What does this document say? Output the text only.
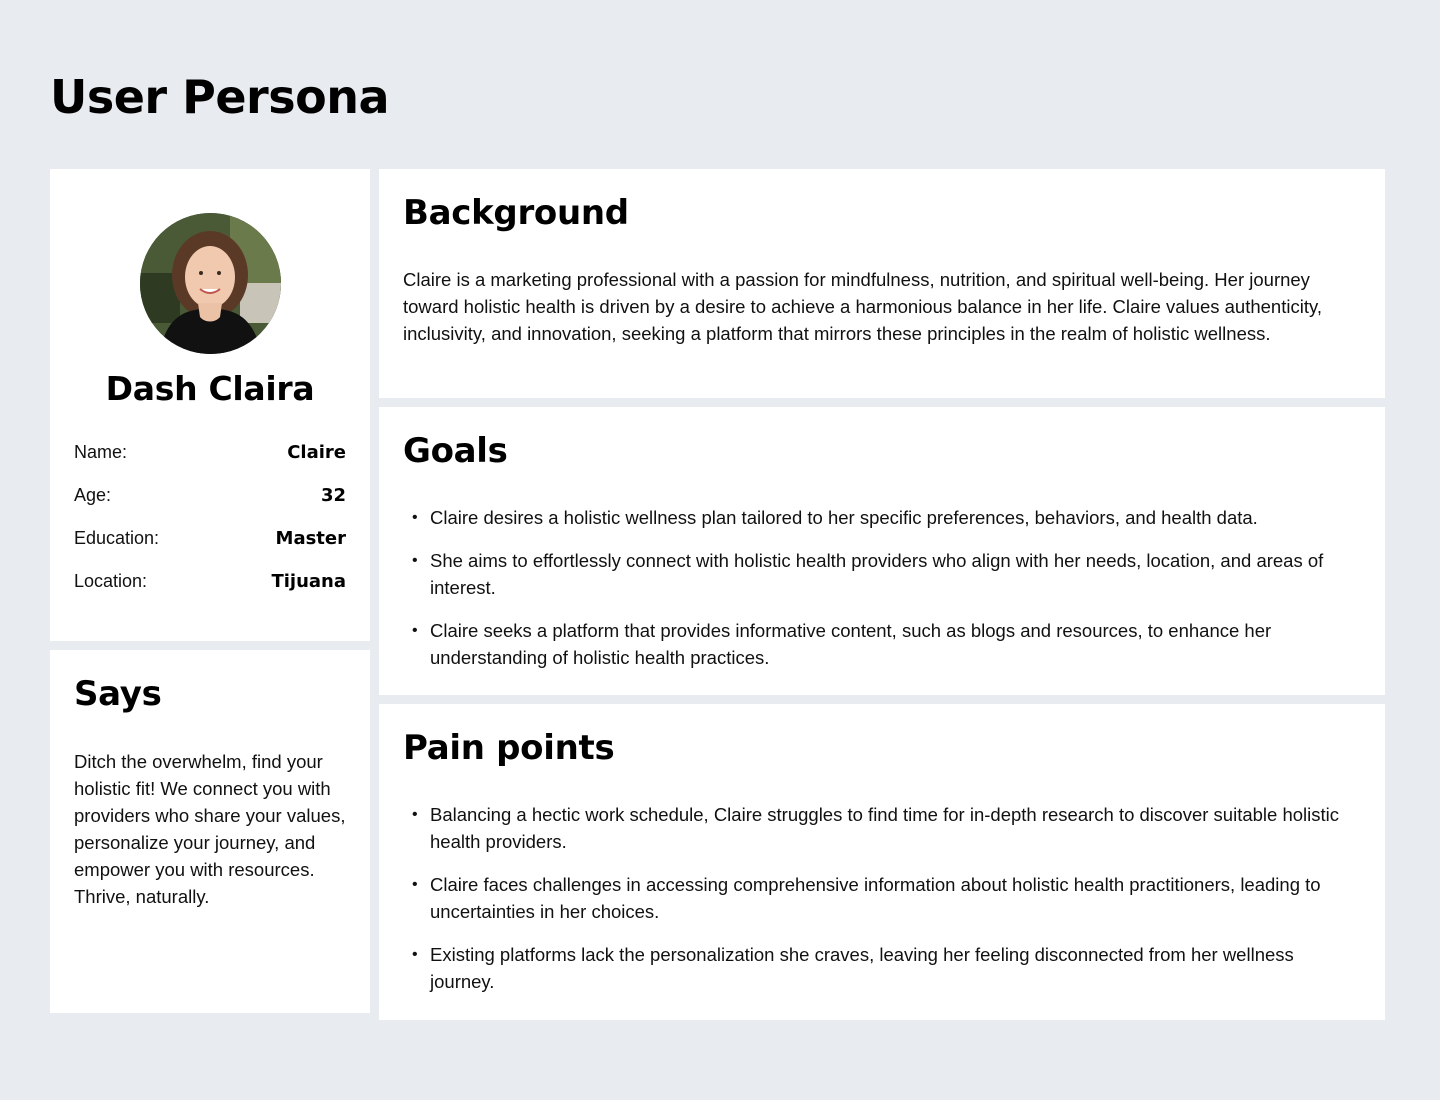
User Persona
Dash Claira
Name:	Claire
Age:	32
Education:	Master
Location:	Tijuana
Says

Ditch the overwhelm, find your holistic fit! We connect you with providers who share your values, personalize your journey, and empower you with resources. Thrive, naturally.

Background

Claire is a marketing professional with a passion for mindfulness, nutrition, and spiritual well-being. Her journey toward holistic health is driven by a desire to achieve a harmonious balance in her life. Claire values authenticity, inclusivity, and innovation, seeking a platform that mirrors these principles in the realm of holistic wellness.

Goals
• Claire desires a holistic wellness plan tailored to her specific preferences, behaviors, and health data.
• She aims to effortlessly connect with holistic health providers who align with her needs, location, and areas of interest.
• Claire seeks a platform that provides informative content, such as blogs and resources, to enhance her understanding of holistic health practices.
Pain points
• Balancing a hectic work schedule, Claire struggles to find time for in-depth research to discover suitable holistic health providers.
• Claire faces challenges in accessing comprehensive information about holistic health practitioners, leading to uncertainties in her choices.
• Existing platforms lack the personalization she craves, leaving her feeling disconnected from her wellness journey.
